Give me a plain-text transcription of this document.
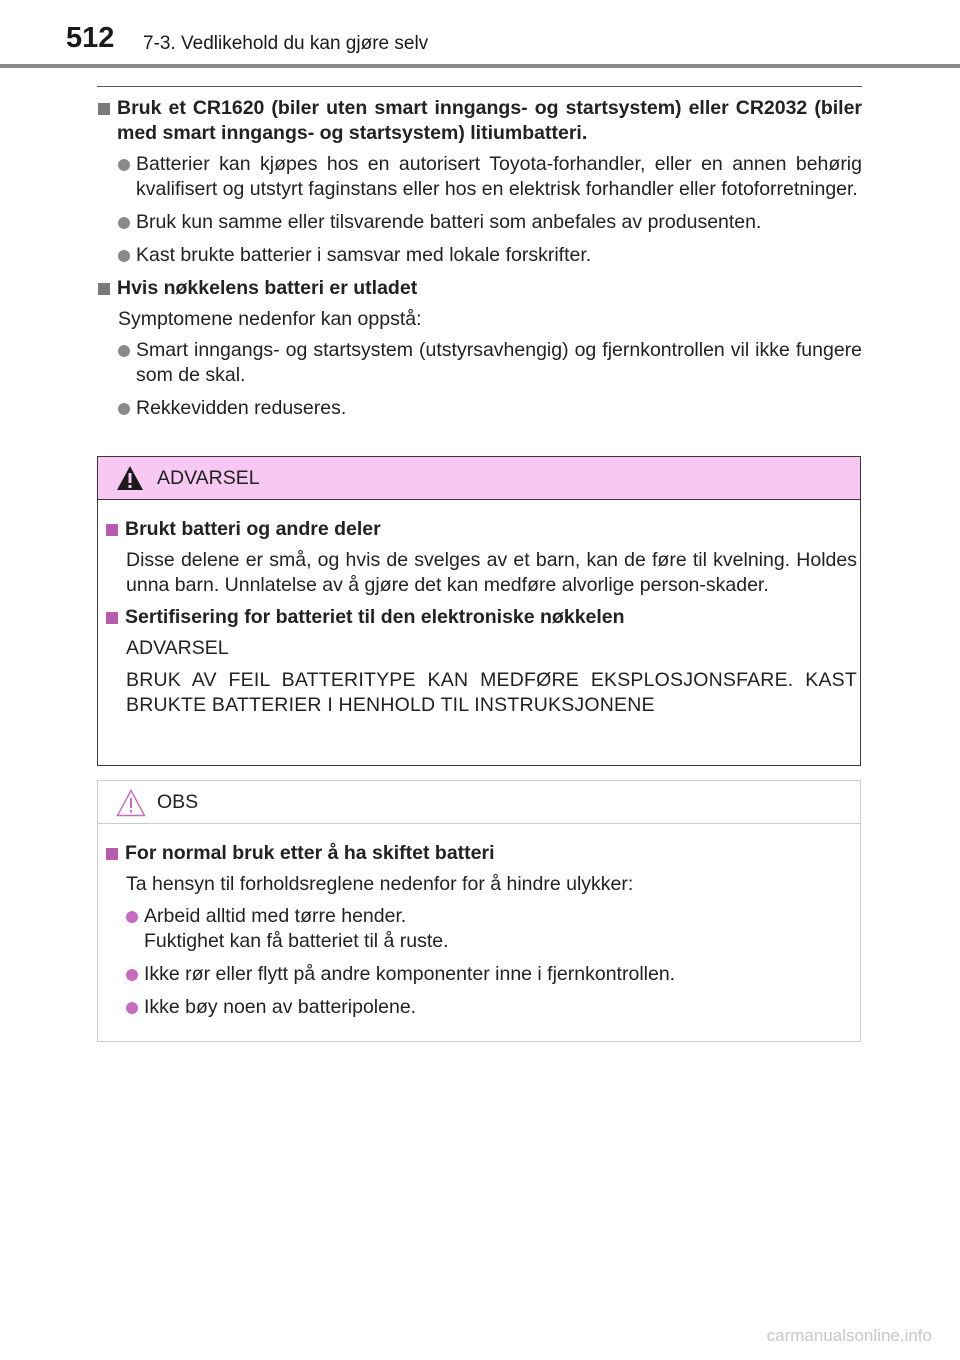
512 7-3. Vedlikehold du kan gjøre selv
Bruk et CR1620 (biler uten smart inngangs- og startsystem) eller CR2032 (biler med smart inngangs- og startsystem) litiumbatteri.
Batterier kan kjøpes hos en autorisert Toyota-forhandler, eller en annen behørig kvalifisert og utstyrt faginstans eller hos en elektrisk forhandler eller fotoforretninger.
Bruk kun samme eller tilsvarende batteri som anbefales av produsenten.
Kast brukte batterier i samsvar med lokale forskrifter.
Hvis nøkkelens batteri er utladet
Symptomene nedenfor kan oppstå:
Smart inngangs- og startsystem (utstyrsavhengig) og fjernkontrollen vil ikke fungere som de skal.
Rekkevidden reduseres.
ADVARSEL
Brukt batteri og andre deler
Disse delene er små, og hvis de svelges av et barn, kan de føre til kvelning. Holdes unna barn. Unnlatelse av å gjøre det kan medføre alvorlige person-skader.
Sertifisering for batteriet til den elektroniske nøkkelen
ADVARSEL
BRUK AV FEIL BATTERITYPE KAN MEDFØRE EKSPLOSJONSFARE. KAST BRUKTE BATTERIER I HENHOLD TIL INSTRUKSJONENE
OBS
For normal bruk etter å ha skiftet batteri
Ta hensyn til forholdsreglene nedenfor for å hindre ulykker:
Arbeid alltid med tørre hender.
Fuktighet kan få batteriet til å ruste.
Ikke rør eller flytt på andre komponenter inne i fjernkontrollen.
Ikke bøy noen av batteripolene.
carmanualsonline.info
